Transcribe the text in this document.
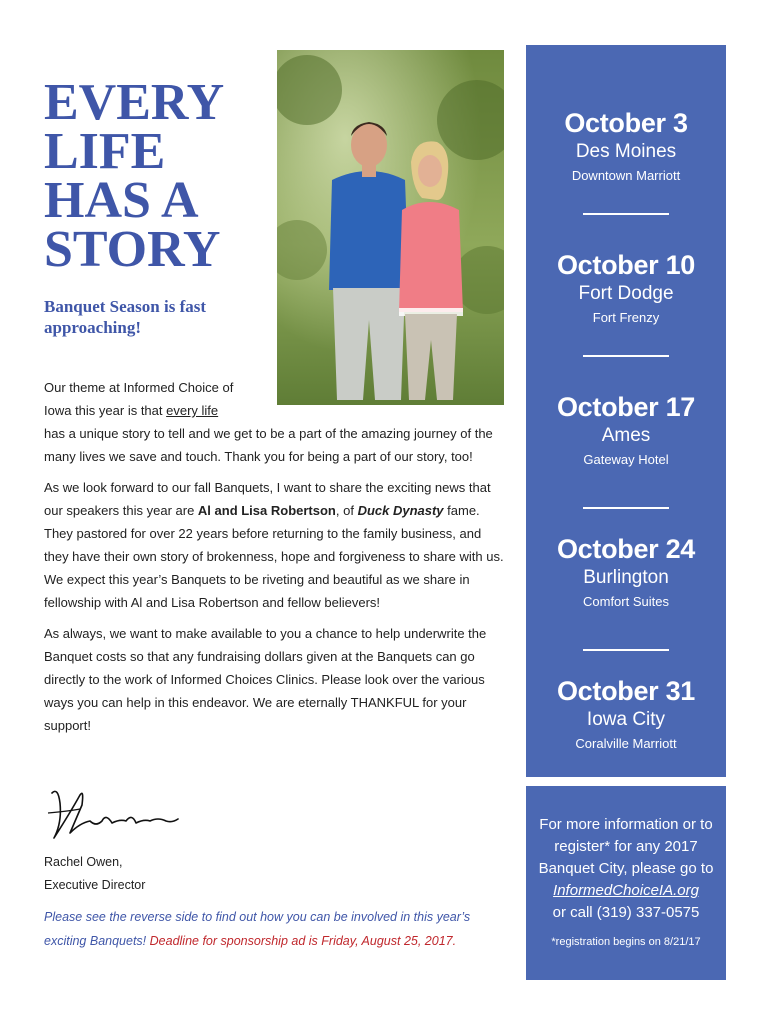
EVERY
LIFE
HAS A
STORY
Banquet Season is fast approaching!

Our theme at Informed Choice of
Iowa this year is that every life
has a unique story to tell and we get to be a part of the amazing journey of the many lives we save and touch. Thank you for being a part of our story, too!

As we look forward to our fall Banquets, I want to share the exciting news that our speakers this year are Al and Lisa Robertson, of Duck Dynasty fame. They pastored for over 22 years before returning to the family business, and they have their own story of brokenness, hope and forgiveness to share with us. We expect this year’s Banquets to be riveting and beautiful as we share in fellowship with Al and Lisa Robertson and fellow believers!

As always, we want to make available to you a chance to help underwrite the Banquet costs so that any fundraising dollars given at the Banquets can go directly to the work of Informed Choices Clinics. Please look over the various ways you can help in this endeavor. We are eternally THANKFUL for your support!

Rachel Owen,
Executive Director
Please see the reverse side to find out how you can be involved in this year’s exciting Banquets! Deadline for sponsorship ad is Friday, August 25, 2017.
October 3
Des Moines
Downtown Marriott
October 10
Fort Dodge
Fort Frenzy
October 17
Ames
Gateway Hotel
October 24
Burlington
Comfort Suites
October 31
Iowa City
Coralville Marriott
For more information or to register* for any 2017 Banquet City, please go to
InformedChoiceIA.org
or call (319) 337-0575
*registration begins on 8/21/17
